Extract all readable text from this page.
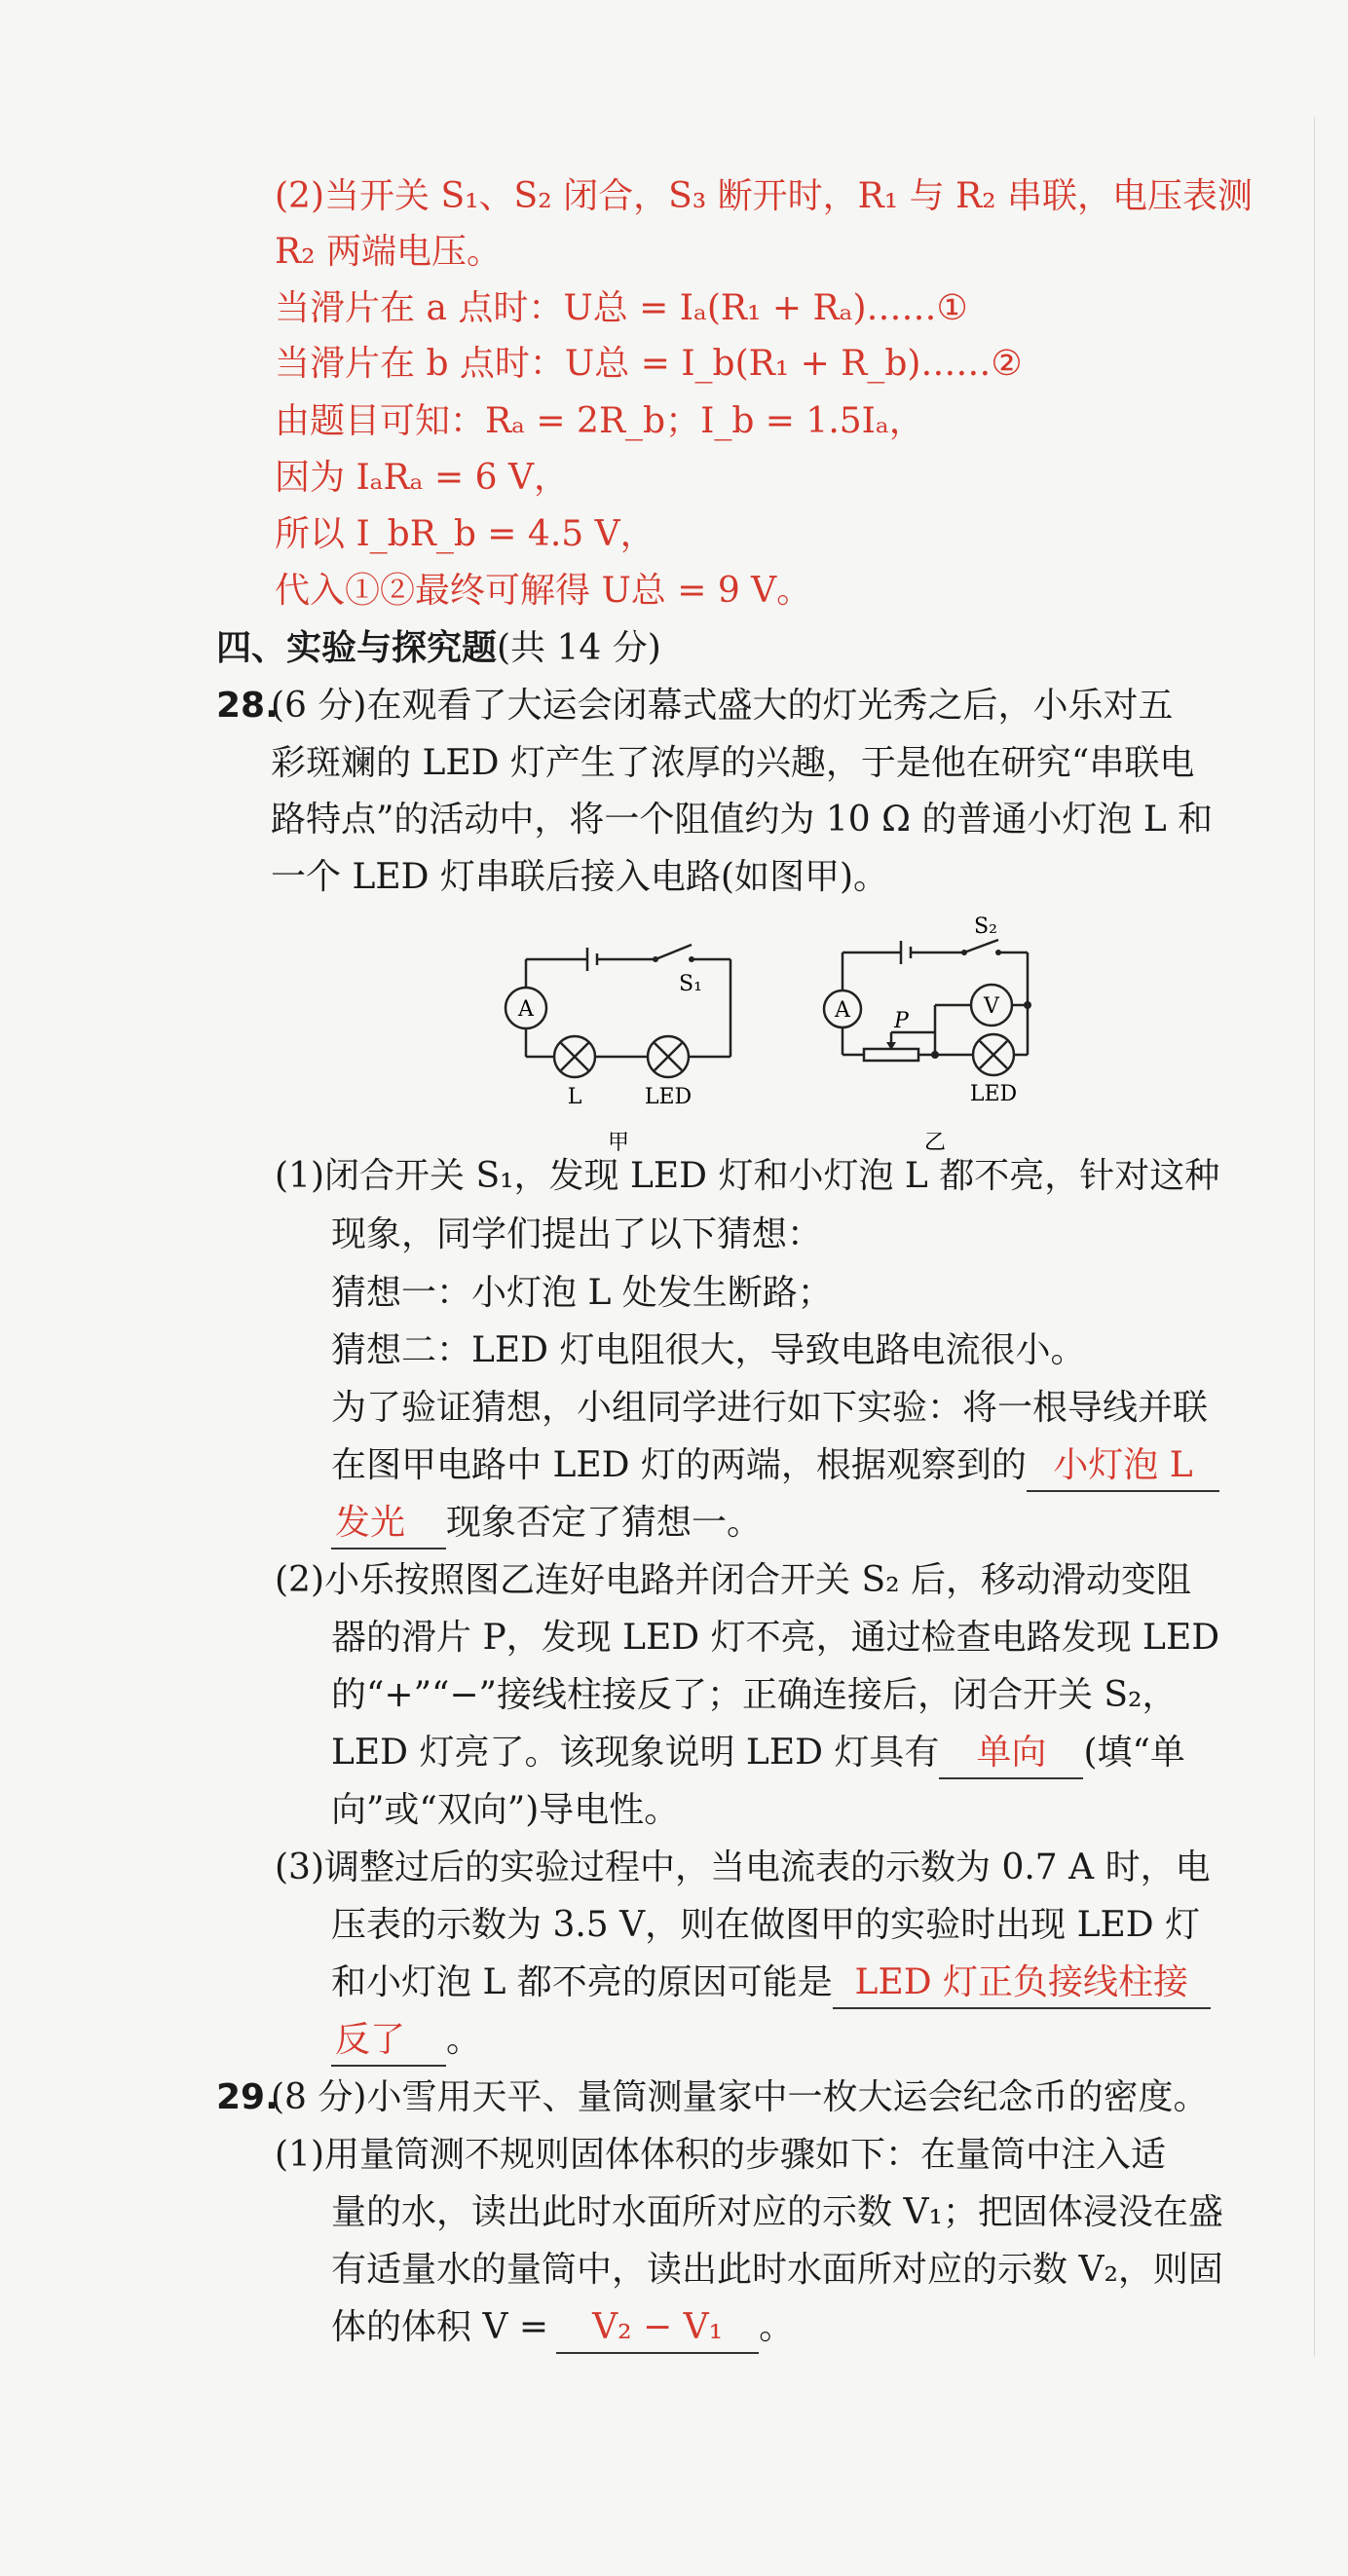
(2)当开关 S₁、S₂ 闭合，S₃ 断开时，R₁ 与 R₂ 串联，电压表测
R₂ 两端电压。
当滑片在 a 点时：U总 = Iₐ(R₁ + Rₐ)……①
当滑片在 b 点时：U总 = I_b(R₁ + R_b)……②
由题目可知：Rₐ = 2R_b；I_b = 1.5Iₐ，
因为 IₐRₐ = 6 V，
所以 I_bR_b = 4.5 V，
代入①②最终可解得 U总 = 9 V。
四、实验与探究题(共 14 分)
28.
(6 分)在观看了大运会闭幕式盛大的灯光秀之后，小乐对五
彩斑斓的 LED 灯产生了浓厚的兴趣，于是他在研究“串联电
路特点”的活动中，将一个阻值约为 10 Ω 的普通小灯泡 L 和
一个 LED 灯串联后接入电路(如图甲)。
A
S₁
L	LED
甲
A
S₂
V
P
LED
乙
(1)闭合开关 S₁，发现 LED 灯和小灯泡 L 都不亮，针对这种
现象，同学们提出了以下猜想：
猜想一：小灯泡 L 处发生断路；
猜想二：LED 灯电阻很大，导致电路电流很小。
为了验证猜想，小组同学进行如下实验：将一根导线并联
在图甲电路中 LED 灯的两端，根据观察到的 小灯泡 L
发光 现象否定了猜想一。
(2)小乐按照图乙连好电路并闭合开关 S₂ 后，移动滑动变阻
器的滑片 P，发现 LED 灯不亮，通过检查电路发现 LED
的“+”“−”接线柱接反了；正确连接后，闭合开关 S₂，
LED 灯亮了。该现象说明 LED 灯具有 单向 (填“单
向”或“双向”)导电性。
(3)调整过后的实验过程中，当电流表的示数为 0.7 A 时，电
压表的示数为 3.5 V，则在做图甲的实验时出现 LED 灯
和小灯泡 L 都不亮的原因可能是 LED 灯正负接线柱接
反了 。
29.
(8 分)小雪用天平、量筒测量家中一枚大运会纪念币的密度。
(1)用量筒测不规则固体体积的步骤如下：在量筒中注入适
量的水，读出此时水面所对应的示数 V₁；把固体浸没在盛
有适量水的量筒中，读出此时水面所对应的示数 V₂，则固
体的体积 V = V₂ − V₁ 。
